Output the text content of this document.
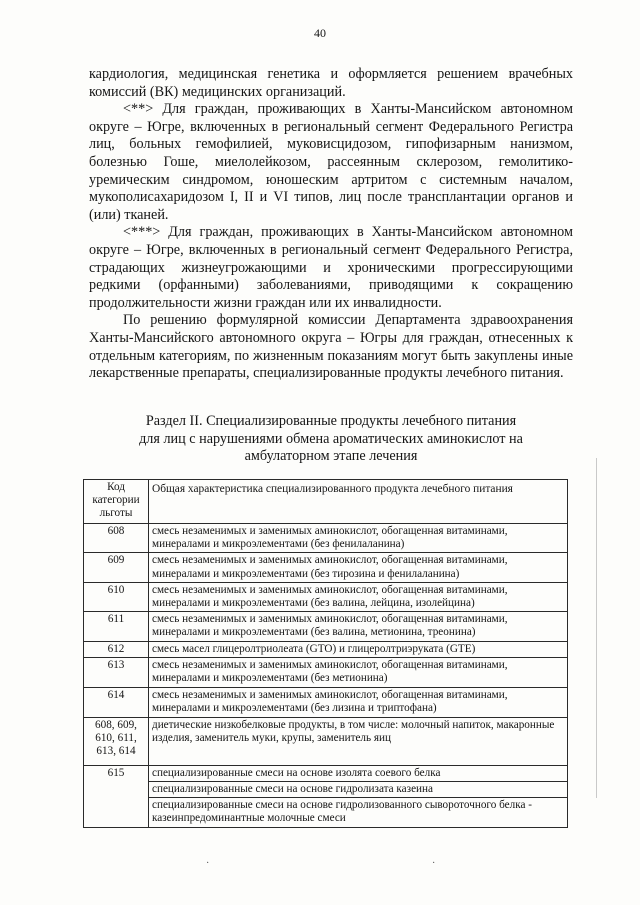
40

кардиология, медицинская генетика и оформляется решением врачебных комиссий (ВК) медицинских организаций.

<**> Для граждан, проживающих в Ханты-Мансийском автономном округе – Югре, включенных в региональный сегмент Федерального Регистра лиц, больных гемофилией, муковисцидозом, гипофизарным нанизмом, болезнью Гоше, миелолейкозом, рассеянным склерозом, гемолитико-уремическим синдромом, юношеским артритом с системным началом, мукополисахаридозом I, II и VI типов, лиц после трансплантации органов и (или) тканей.

<***> Для граждан, проживающих в Ханты-Мансийском автономном округе – Югре, включенных в региональный сегмент Федерального Регистра, страдающих жизнеугрожающими и хроническими прогрессирующими редкими (орфанными) заболеваниями, приводящими к сокращению продолжительности жизни граждан или их инвалидности.

По решению формулярной комиссии Департамента здравоохранения Ханты-Мансийского автономного округа – Югры для граждан, отнесенных к отдельным категориям, по жизненным показаниям могут быть закуплены иные лекарственные препараты, специализированные продукты лечебного питания.

Раздел II. Специализированные продукты лечебного питания
для лиц с нарушениями обмена ароматических аминокислот на
амбулаторном этапе лечения
Код категории льготы	Общая характеристика специализированного продукта лечебного питания
608	смесь незаменимых и заменимых аминокислот, обогащенная витаминами, минералами и микроэлементами (без фенилаланина)
609	смесь незаменимых и заменимых аминокислот, обогащенная витаминами, минералами и микроэлементами (без тирозина и фенилаланина)
610	смесь незаменимых и заменимых аминокислот, обогащенная витаминами, минералами и микроэлементами (без валина, лейцина, изолейцина)
611	смесь незаменимых и заменимых аминокислот, обогащенная витаминами, минералами и микроэлементами (без валина, метионина, треонина)
612	смесь масел глицеролтриолеата (GTO) и глицеролтриэруката (GTE)
613	смесь незаменимых и заменимых аминокислот, обогащенная витаминами, минералами и микроэлементами (без метионина)
614	смесь незаменимых и заменимых аминокислот, обогащенная витаминами, минералами и микроэлементами (без лизина и триптофана)
608, 609, 610, 611, 613, 614	диетические низкобелковые продукты, в том числе: молочный напиток, макаронные изделия, заменитель муки, крупы, заменитель яиц
615	специализированные смеси на основе изолята соевого белка
	специализированные смеси на основе гидролизата казеина
	специализированные смеси на основе гидролизованного сывороточного белка - казеинпредоминантные молочные смеси
·	·
